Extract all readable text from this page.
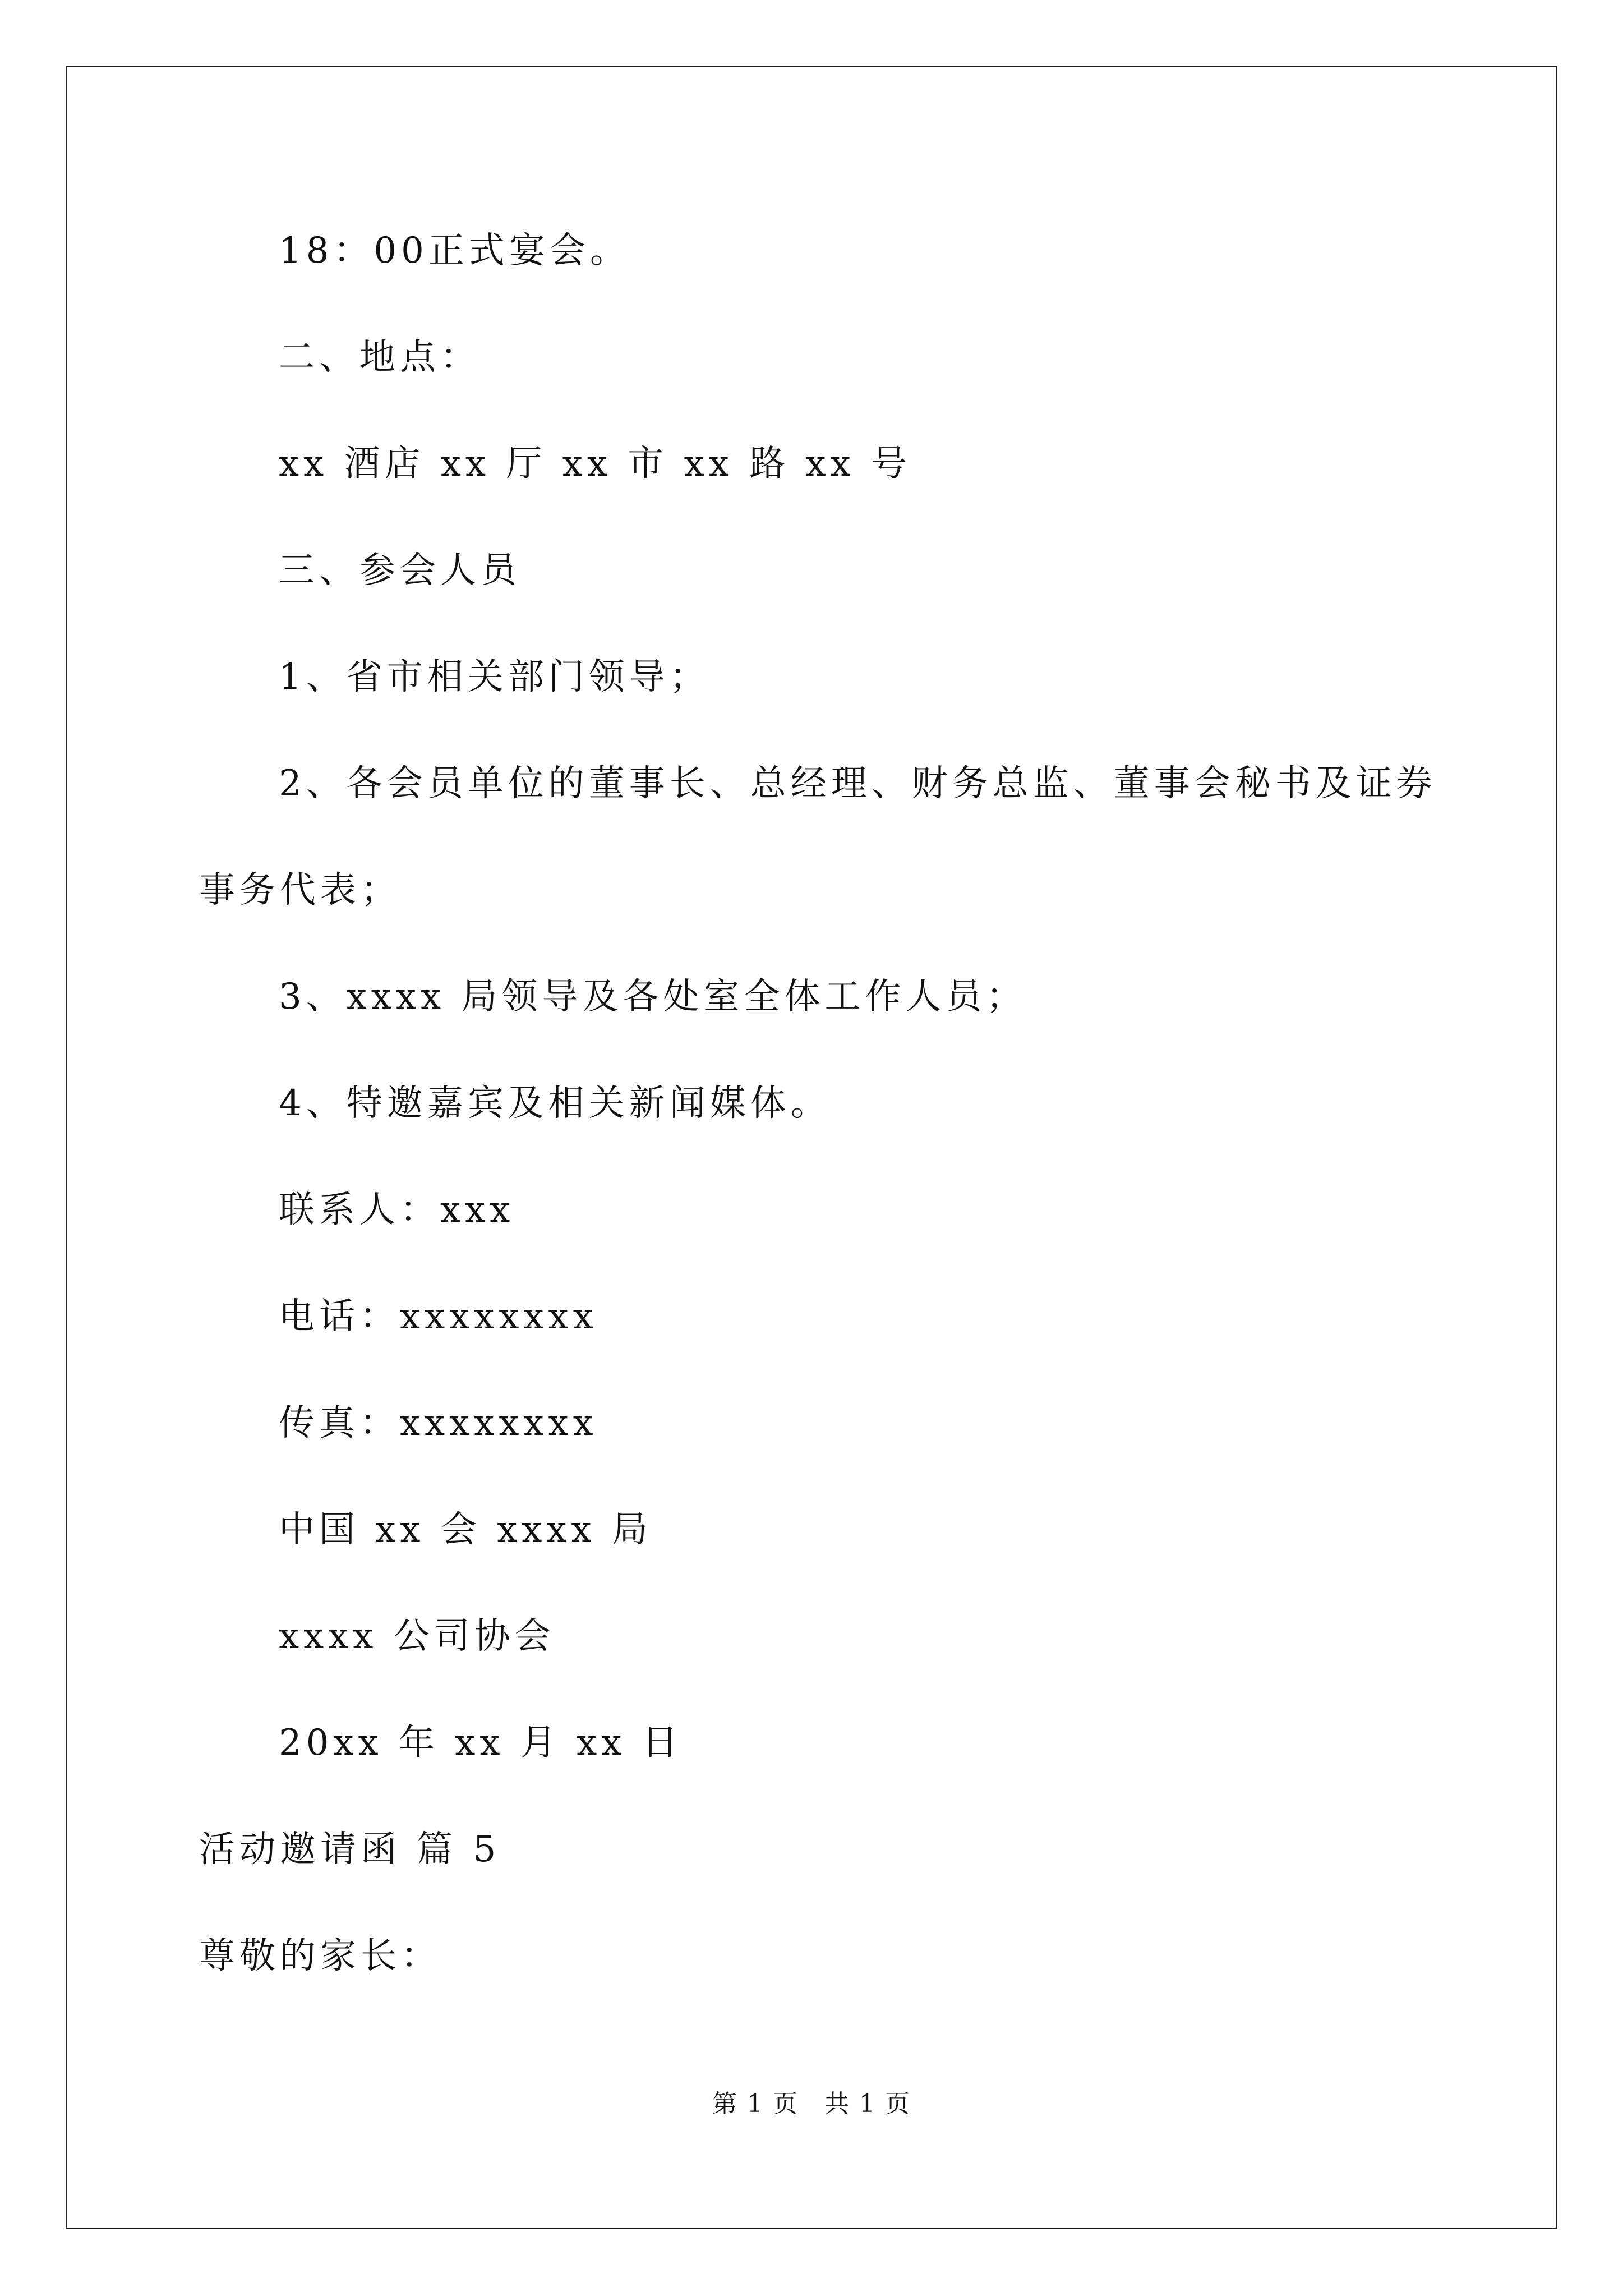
18：00正式宴会。
二、地点：
xx 酒店 xx 厅 xx 市 xx 路 xx 号
三、参会人员
1、省市相关部门领导；
2、各会员单位的董事长、总经理、财务总监、董事会秘书及证券
事务代表；
3、xxxx 局领导及各处室全体工作人员；
4、特邀嘉宾及相关新闻媒体。
联系人：xxx
电话：xxxxxxxx
传真：xxxxxxxx
中国 xx 会 xxxx 局
xxxx 公司协会
20xx 年 xx 月 xx 日
活动邀请函 篇 5
尊敬的家长：
第 1 页　共 1 页
